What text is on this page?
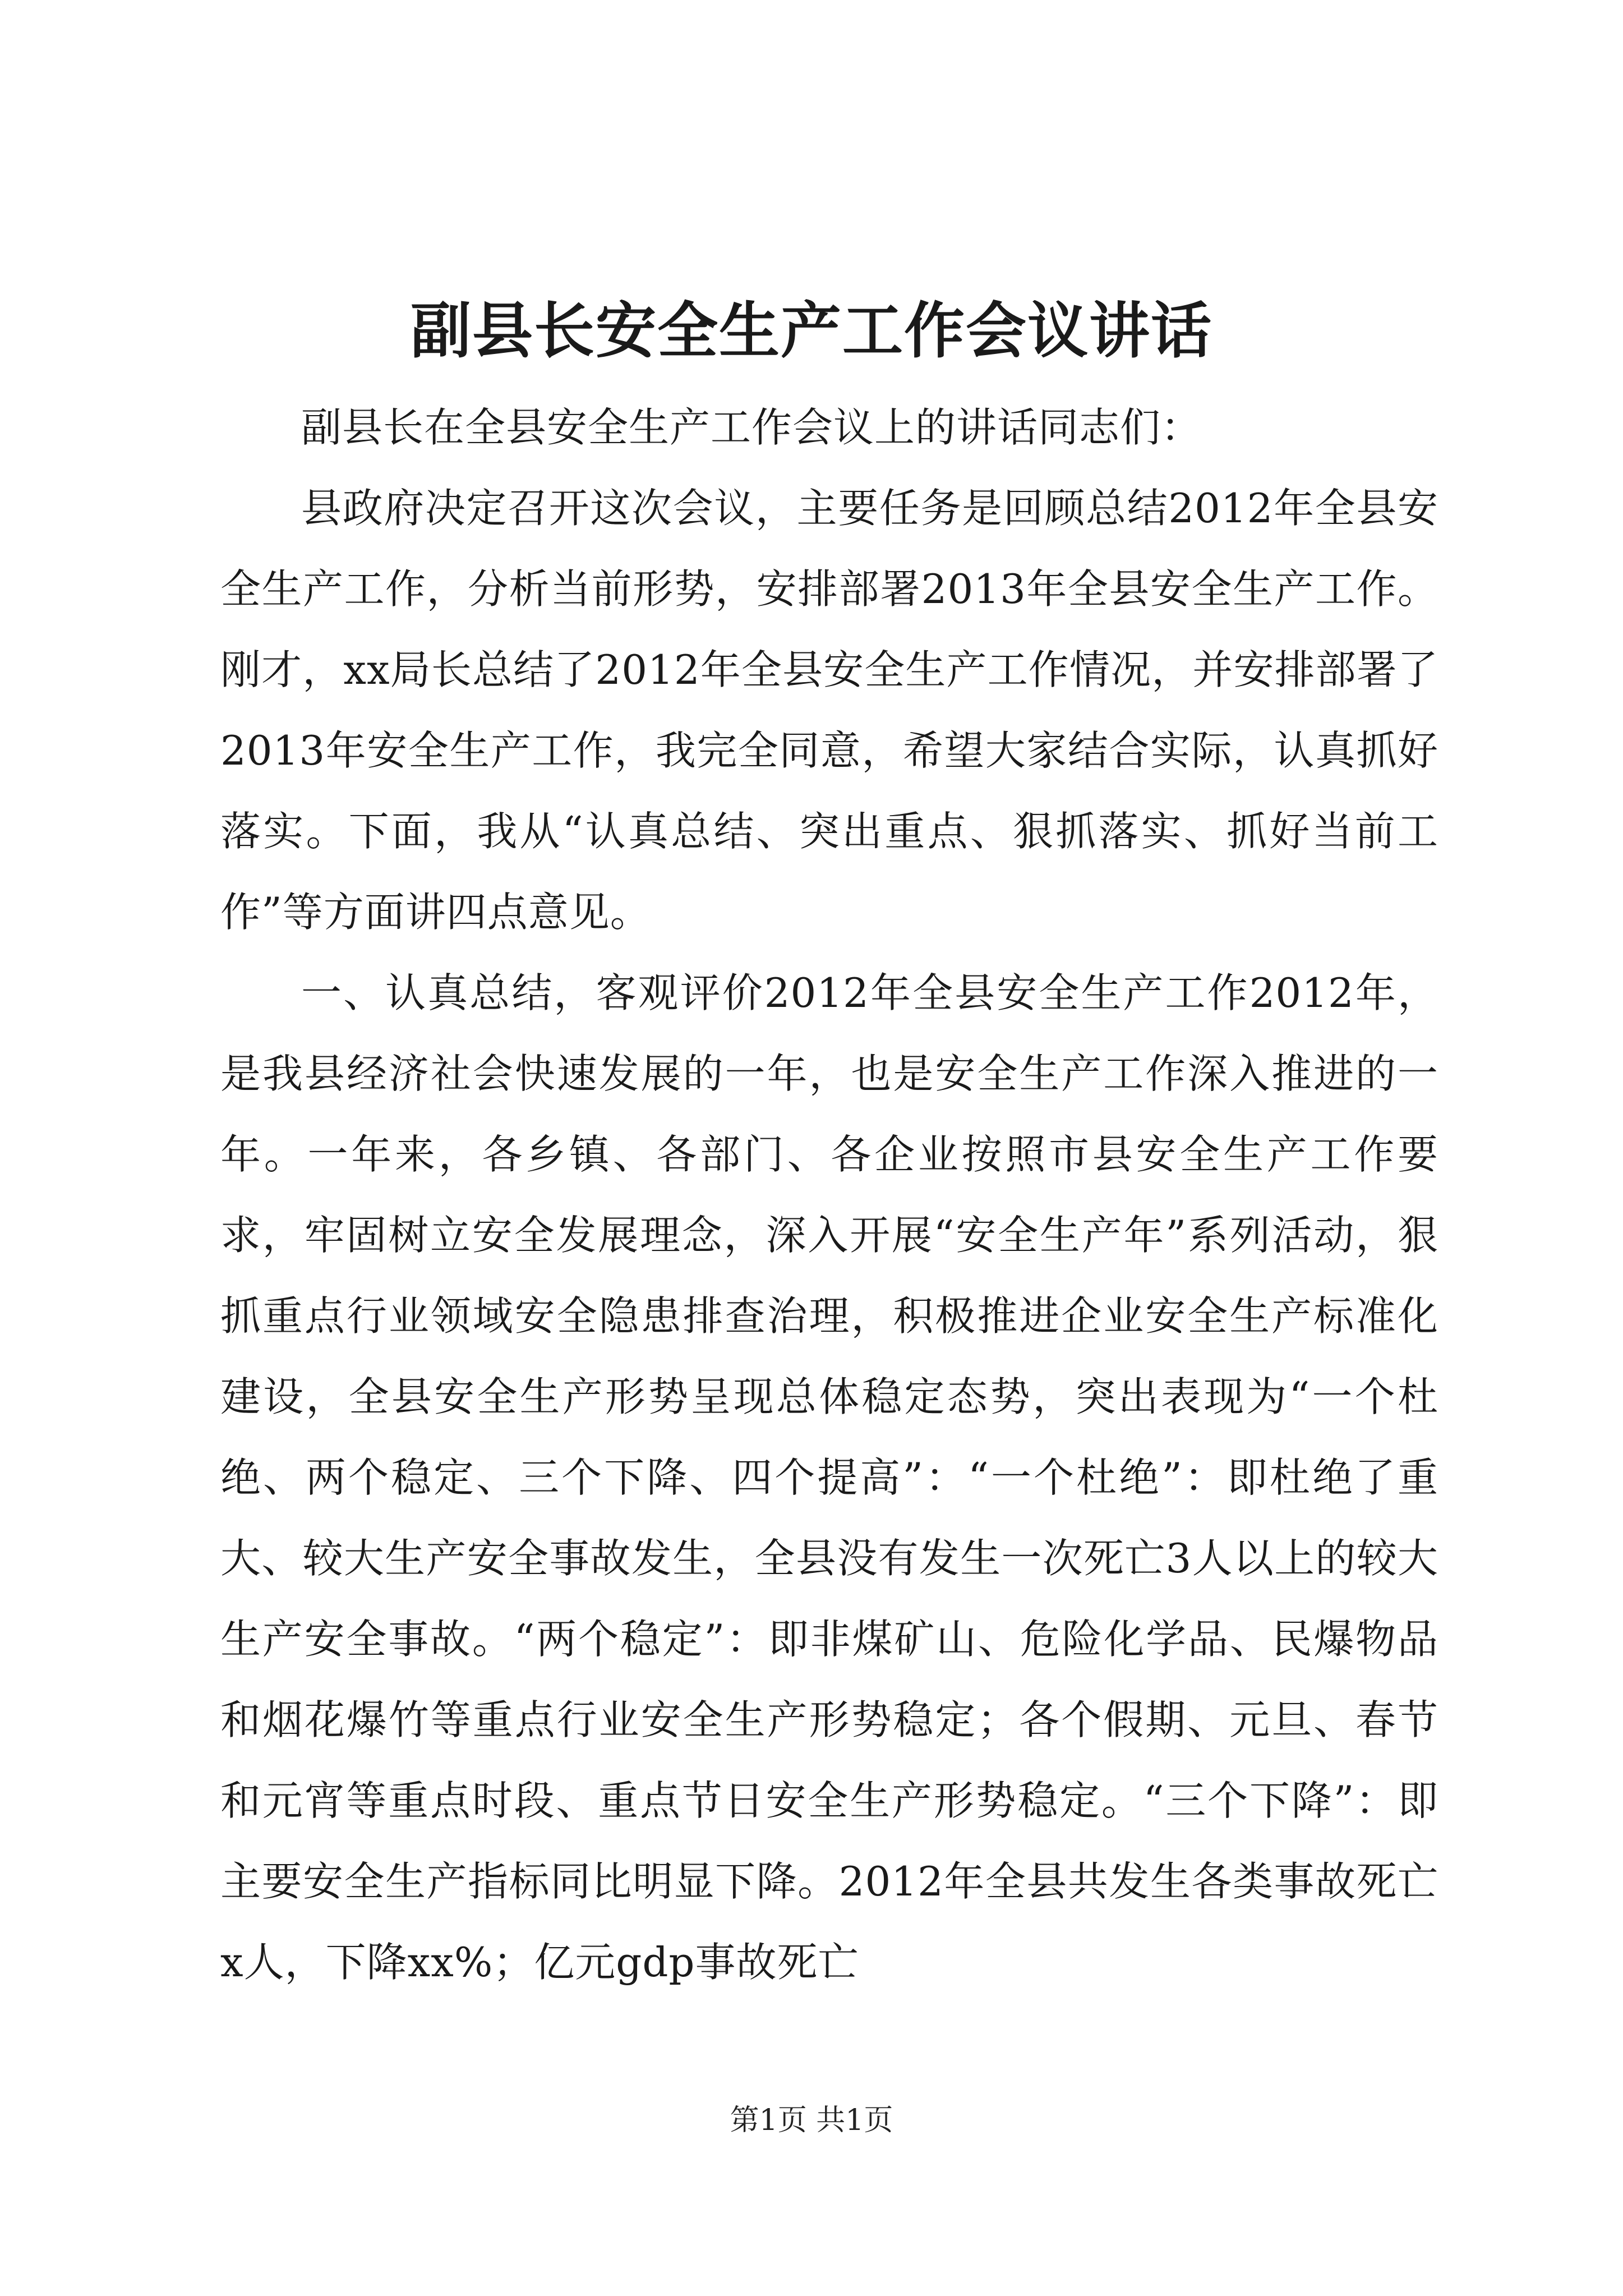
副县长安全生产工作会议讲话

副县长在全县安全生产工作会议上的讲话同志们：

县政府决定召开这次会议，主要任务是回顾总结2012年全县安全生产工作，分析当前形势，安排部署2013年全县安全生产工作。刚才，xx局长总结了2012年全县安全生产工作情况，并安排部署了2013年安全生产工作，我完全同意，希望大家结合实际，认真抓好落实。下面，我从“认真总结、突出重点、狠抓落实、抓好当前工作”等方面讲四点意见。

一、认真总结，客观评价2012年全县安全生产工作2012年，是我县经济社会快速发展的一年，也是安全生产工作深入推进的一年。一年来，各乡镇、各部门、各企业按照市县安全生产工作要求，牢固树立安全发展理念，深入开展“安全生产年”系列活动，狠抓重点行业领域安全隐患排查治理，积极推进企业安全生产标准化建设，全县安全生产形势呈现总体稳定态势，突出表现为“一个杜绝、两个稳定、三个下降、四个提高”：“一个杜绝”：即杜绝了重大、较大生产安全事故发生，全县没有发生一次死亡3人以上的较大生产安全事故。“两个稳定”：即非煤矿山、危险化学品、民爆物品和烟花爆竹等重点行业安全生产形势稳定；各个假期、元旦、春节和元宵等重点时段、重点节日安全生产形势稳定。“三个下降”：即主要安全生产指标同比明显下降。2012年全县共发生各类事故死亡x人，下降xx%；亿元gdp事故死亡

第1页 共1页
